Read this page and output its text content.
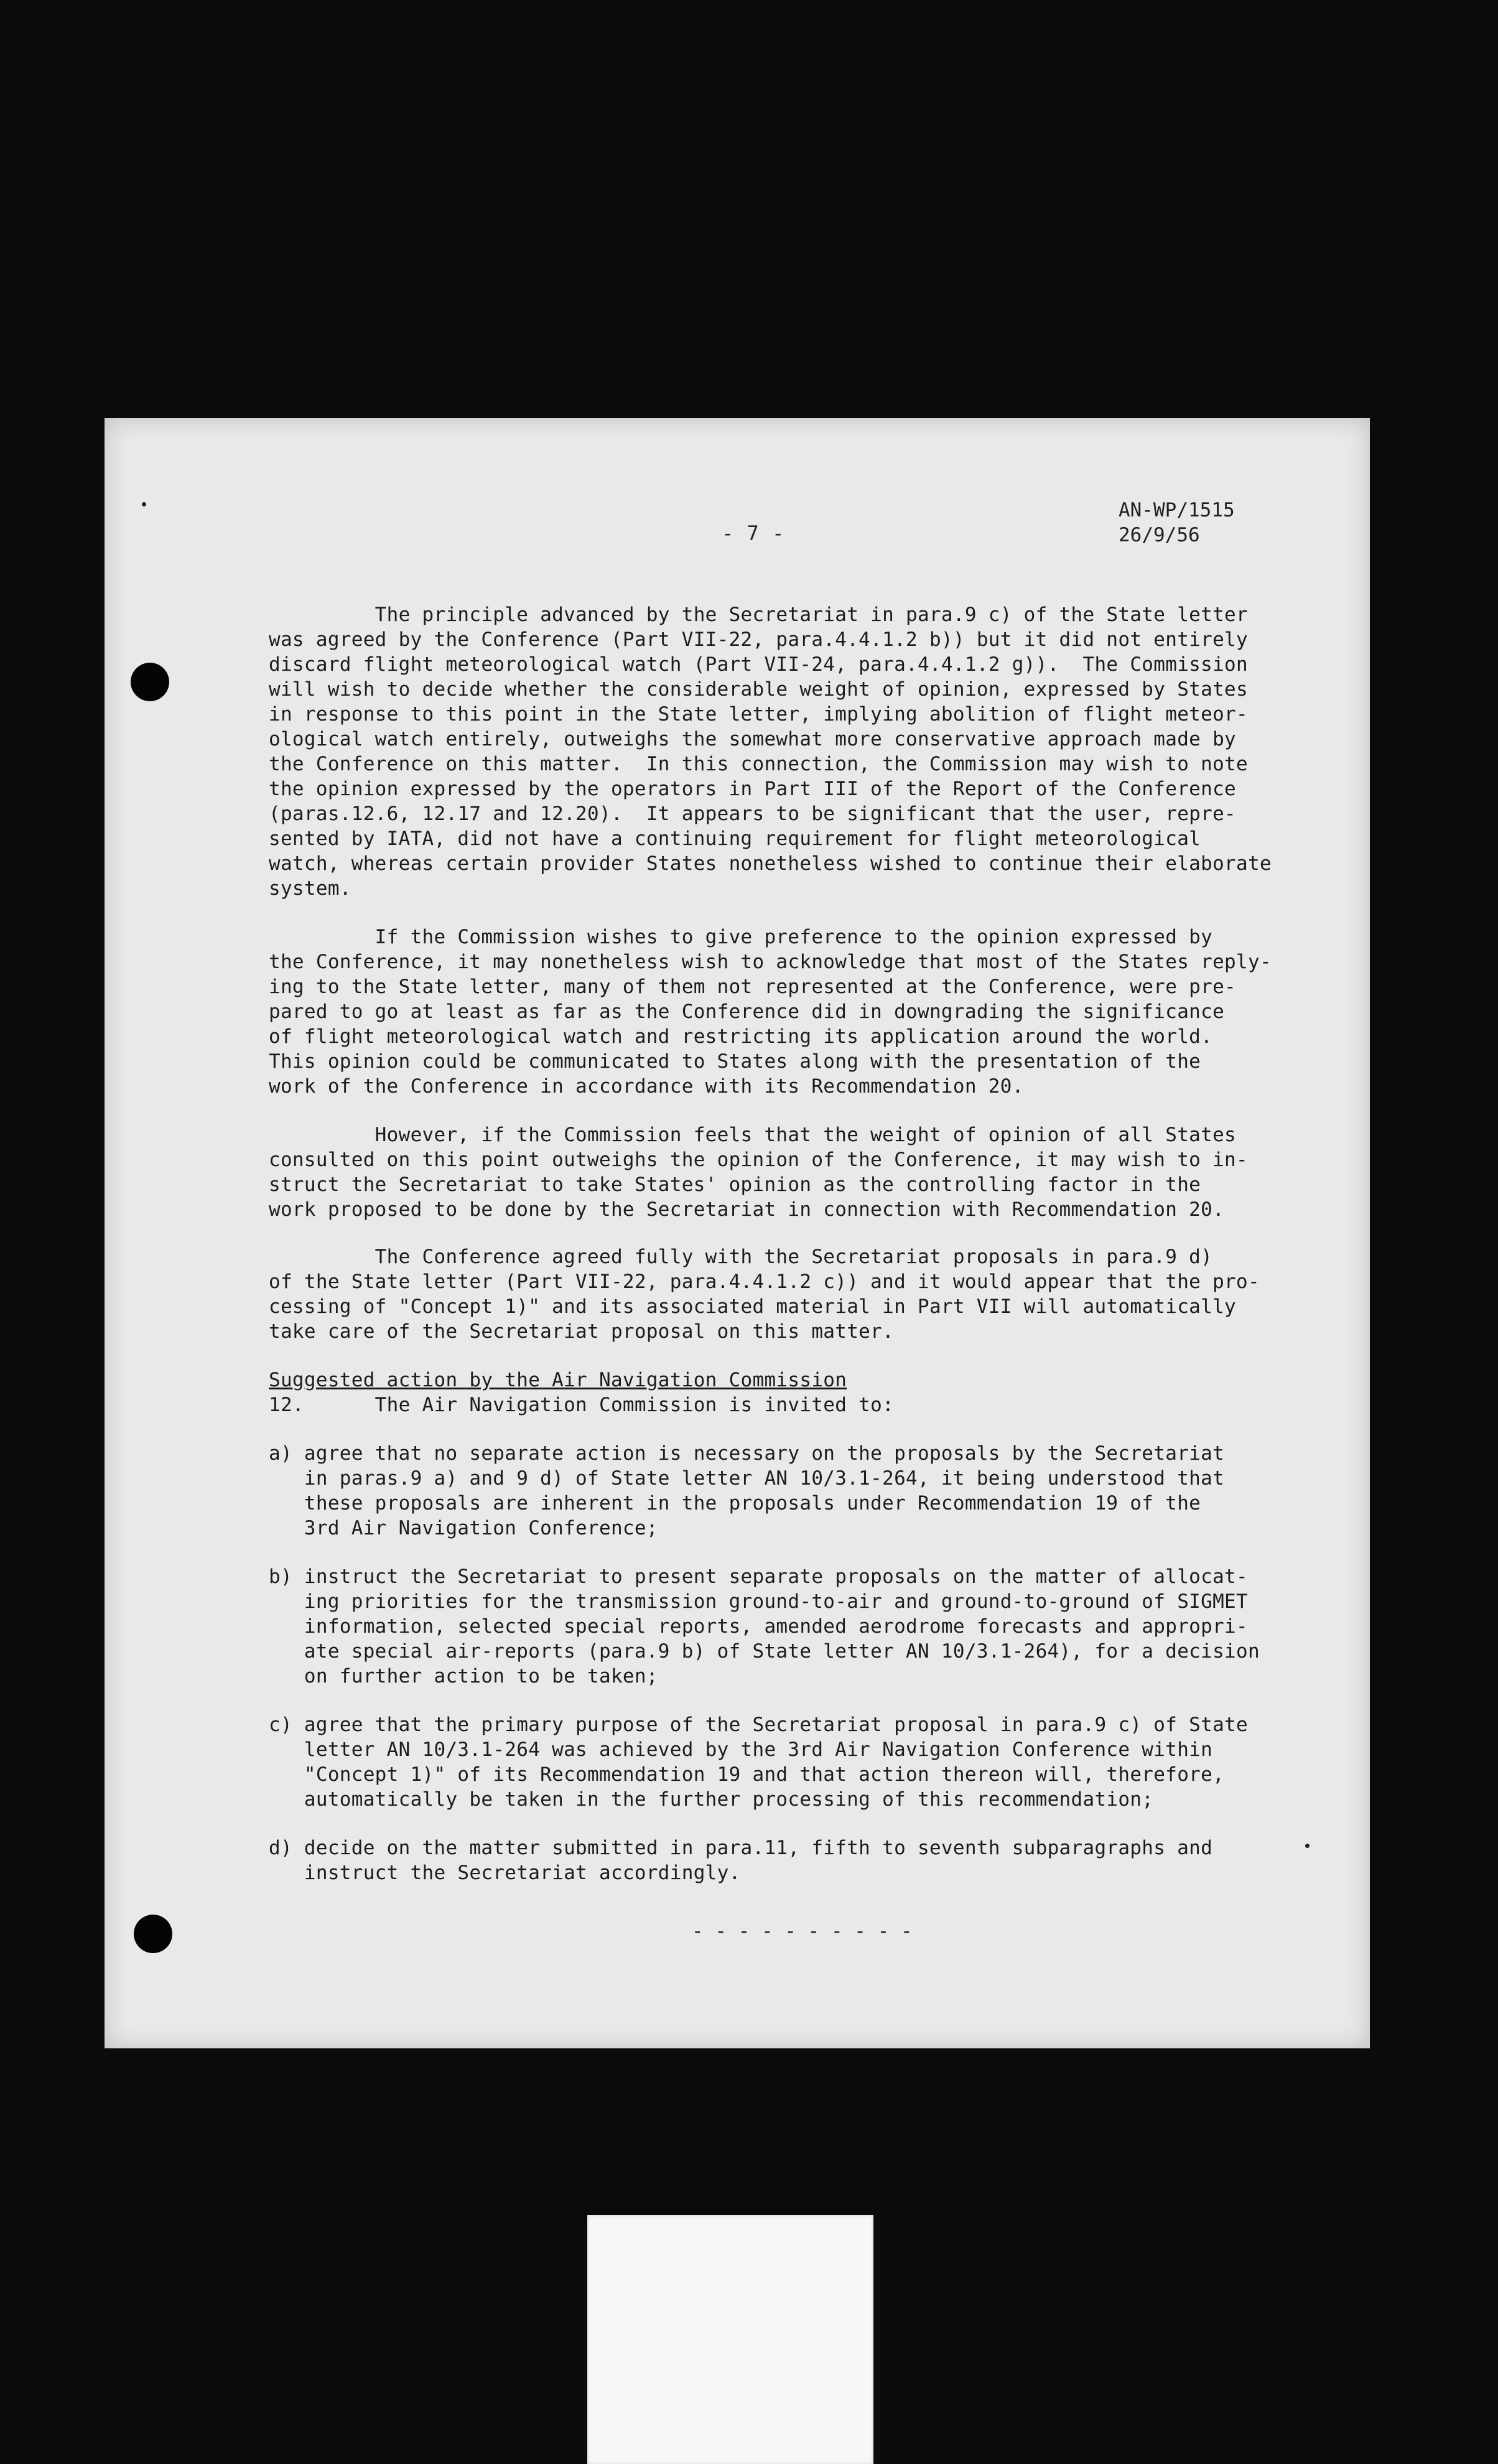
- 7 -
AN-WP/1515
26/9/56
The principle advanced by the Secretariat in para.9 c) of the State letter
was agreed by the Conference (Part VII-22, para.4.4.1.2 b)) but it did not entirely
discard flight meteorological watch (Part VII-24, para.4.4.1.2 g)).  The Commission
will wish to decide whether the considerable weight of opinion, expressed by States
in response to this point in the State letter, implying abolition of flight meteor-
ological watch entirely, outweighs the somewhat more conservative approach made by
the Conference on this matter.  In this connection, the Commission may wish to note
the opinion expressed by the operators in Part III of the Report of the Conference
(paras.12.6, 12.17 and 12.20).  It appears to be significant that the user, repre-
sented by IATA, did not have a continuing requirement for flight meteorological
watch, whereas certain provider States nonetheless wished to continue their elaborate
system.
If the Commission wishes to give preference to the opinion expressed by
the Conference, it may nonetheless wish to acknowledge that most of the States reply-
ing to the State letter, many of them not represented at the Conference, were pre-
pared to go at least as far as the Conference did in downgrading the significance
of flight meteorological watch and restricting its application around the world.
This opinion could be communicated to States along with the presentation of the
work of the Conference in accordance with its Recommendation 20.
However, if the Commission feels that the weight of opinion of all States
consulted on this point outweighs the opinion of the Conference, it may wish to in-
struct the Secretariat to take States' opinion as the controlling factor in the
work proposed to be done by the Secretariat in connection with Recommendation 20.
The Conference agreed fully with the Secretariat proposals in para.9 d)
of the State letter (Part VII-22, para.4.4.1.2 c)) and it would appear that the pro-
cessing of "Concept 1)" and its associated material in Part VII will automatically
take care of the Secretariat proposal on this matter.
Suggested action by the Air Navigation Commission
12.      The Air Navigation Commission is invited to:
a) agree that no separate action is necessary on the proposals by the Secretariat
in paras.9 a) and 9 d) of State letter AN 10/3.1-264, it being understood that
these proposals are inherent in the proposals under Recommendation 19 of the
3rd Air Navigation Conference;
b) instruct the Secretariat to present separate proposals on the matter of allocat-
ing priorities for the transmission ground-to-air and ground-to-ground of SIGMET
information, selected special reports, amended aerodrome forecasts and appropri-
ate special air-reports (para.9 b) of State letter AN 10/3.1-264), for a decision
on further action to be taken;
c) agree that the primary purpose of the Secretariat proposal in para.9 c) of State
letter AN 10/3.1-264 was achieved by the 3rd Air Navigation Conference within
"Concept 1)" of its Recommendation 19 and that action thereon will, therefore,
automatically be taken in the further processing of this recommendation;
d) decide on the matter submitted in para.11, fifth to seventh subparagraphs and
instruct the Secretariat accordingly.
- - - - - - - - - -
